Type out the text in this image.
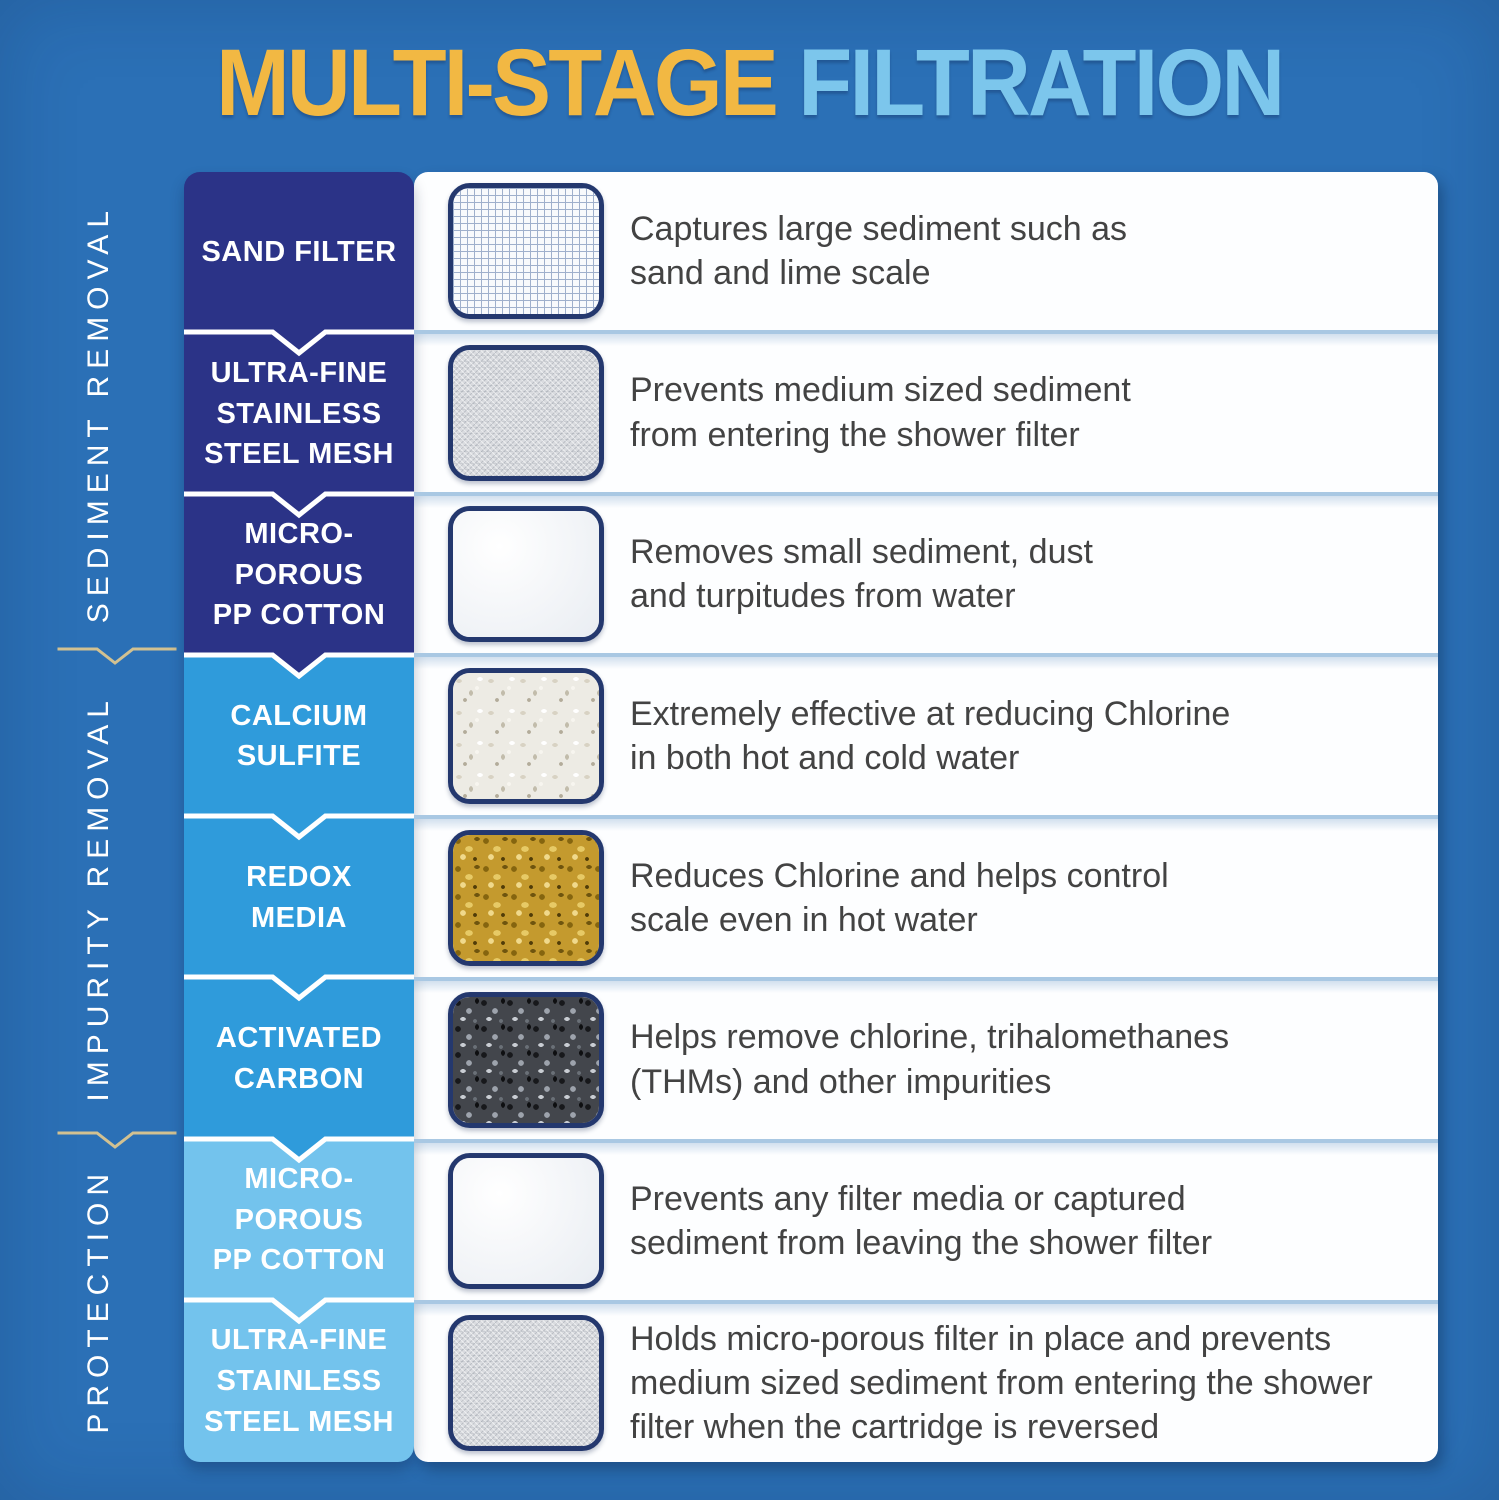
MULTI-STAGE FILTRATION
SEDIMENT REMOVAL
IMPURITY REMOVAL
PROTECTION
SAND FILTER
ULTRA-FINE
STAINLESS
STEEL MESH
MICRO-POROUS
PP COTTON
CALCIUM
SULFITE
REDOX
MEDIA
ACTIVATED
CARBON
MICRO-POROUS
PP COTTON
ULTRA-FINE
STAINLESS
STEEL MESH

Captures large sediment such as
sand and lime scale

Prevents medium sized sediment
from entering the shower filter

Removes small sediment, dust
and turpitudes from water

Extremely effective at reducing Chlorine
in both hot and cold water

Reduces Chlorine and helps control
scale even in hot water

Helps remove chlorine, trihalomethanes
(THMs) and other impurities

Prevents any filter media or captured
sediment from leaving the shower filter

Holds micro-porous filter in place and prevents
medium sized sediment from entering the shower
filter when the cartridge is reversed
